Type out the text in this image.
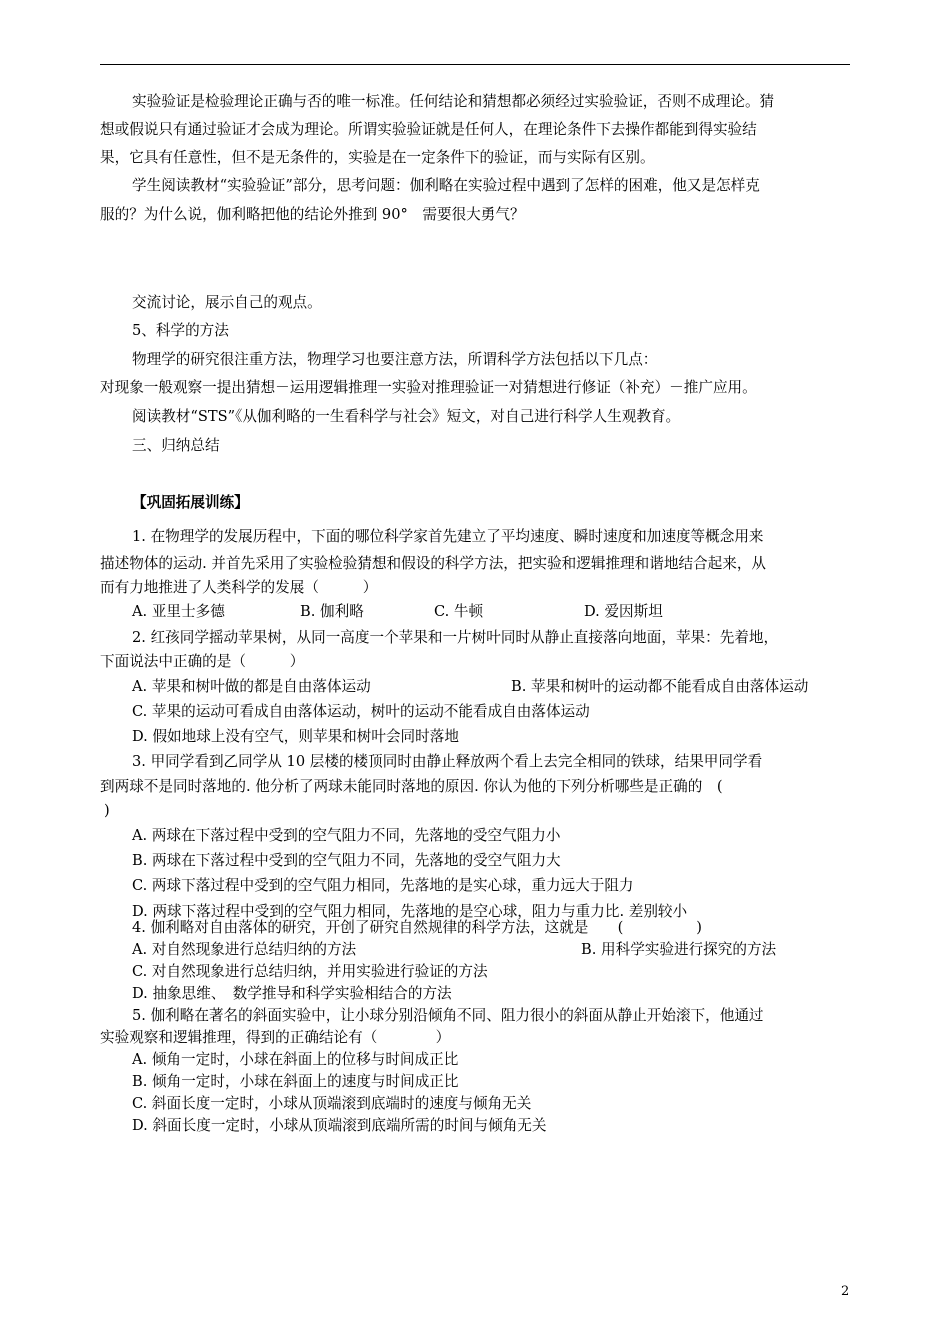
实验验证是检验理论正确与否的唯一标准。任何结论和猜想都必须经过实验验证，否则不成理论。猜
想或假说只有通过验证才会成为理论。所谓实验验证就是任何人，在理论条件下去操作都能到得实验结
果，它具有任意性，但不是无条件的，实验是在一定条件下的验证，而与实际有区别。
学生阅读教材“实验验证”部分，思考问题：伽利略在实验过程中遇到了怎样的困难，他又是怎样克
服的？为什么说，伽利略把他的结论外推到 90°　需要很大勇气？
交流讨论，展示自己的观点。
5、科学的方法
物理学的研究很注重方法，物理学习也要注意方法，所谓科学方法包括以下几点：
对现象一般观察一提出猜想－运用逻辑推理一实验对推理验证一对猜想进行修证（补充）－推广应用。
阅读教材“STS”《从伽利略的一生看科学与社会》短文，对自己进行科学人生观教育。
三、归纳总结
【巩固拓展训练】
1. 在物理学的发展历程中，下面的哪位科学家首先建立了平均速度、瞬时速度和加速度等概念用来
描述物体的运动. 并首先采用了实验检验猜想和假设的科学方法，把实验和逻辑推理和谐地结合起来，从
而有力地推进了人类科学的发展（　　　）
A. 亚里士多德	B. 伽利略	C. 牛顿	D. 爱因斯坦
2. 红孩同学摇动苹果树，从同一高度一个苹果和一片树叶同时从静止直接落向地面，苹果：先着地，
下面说法中正确的是（　　　）
A. 苹果和树叶做的都是自由落体运动	B. 苹果和树叶的运动都不能看成自由落体运动
C. 苹果的运动可看成自由落体运动，树叶的运动不能看成自由落体运动
D. 假如地球上没有空气，则苹果和树叶会同时落地
3. 甲同学看到乙同学从 10 层楼的楼顶同时由静止释放两个看上去完全相同的铁球，结果甲同学看
到两球不是同时落地的. 他分析了两球未能同时落地的原因. 你认为他的下列分析哪些是正确的　(
)
A. 两球在下落过程中受到的空气阻力不同，先落地的受空气阻力小
B. 两球在下落过程中受到的空气阻力不同，先落地的受空气阻力大
C. 两球下落过程中受到的空气阻力相同，先落地的是实心球，重力远大于阻力
D. 两球下落过程中受到的空气阻力相同，先落地的是空心球，阻力与重力比. 差别较小
4. 伽利略对自由落体的研究，开创了研究自然规律的科学方法，这就是　　(　　　　　)
A. 对自然现象进行总结归纳的方法	B. 用科学实验进行探究的方法
C. 对自然现象进行总结归纳，并用实验进行验证的方法
D. 抽象思维、　数学推导和科学实验相结合的方法
5. 伽利略在著名的斜面实验中，让小球分别沿倾角不同、阻力很小的斜面从静止开始滚下，他通过
实验观察和逻辑推理，得到的正确结论有（　　　　）
A. 倾角一定时，小球在斜面上的位移与时间成正比
B. 倾角一定时，小球在斜面上的速度与时间成正比
C. 斜面长度一定时，小球从顶端滚到底端时的速度与倾角无关
D. 斜面长度一定时，小球从顶端滚到底端所需的时间与倾角无关
2
